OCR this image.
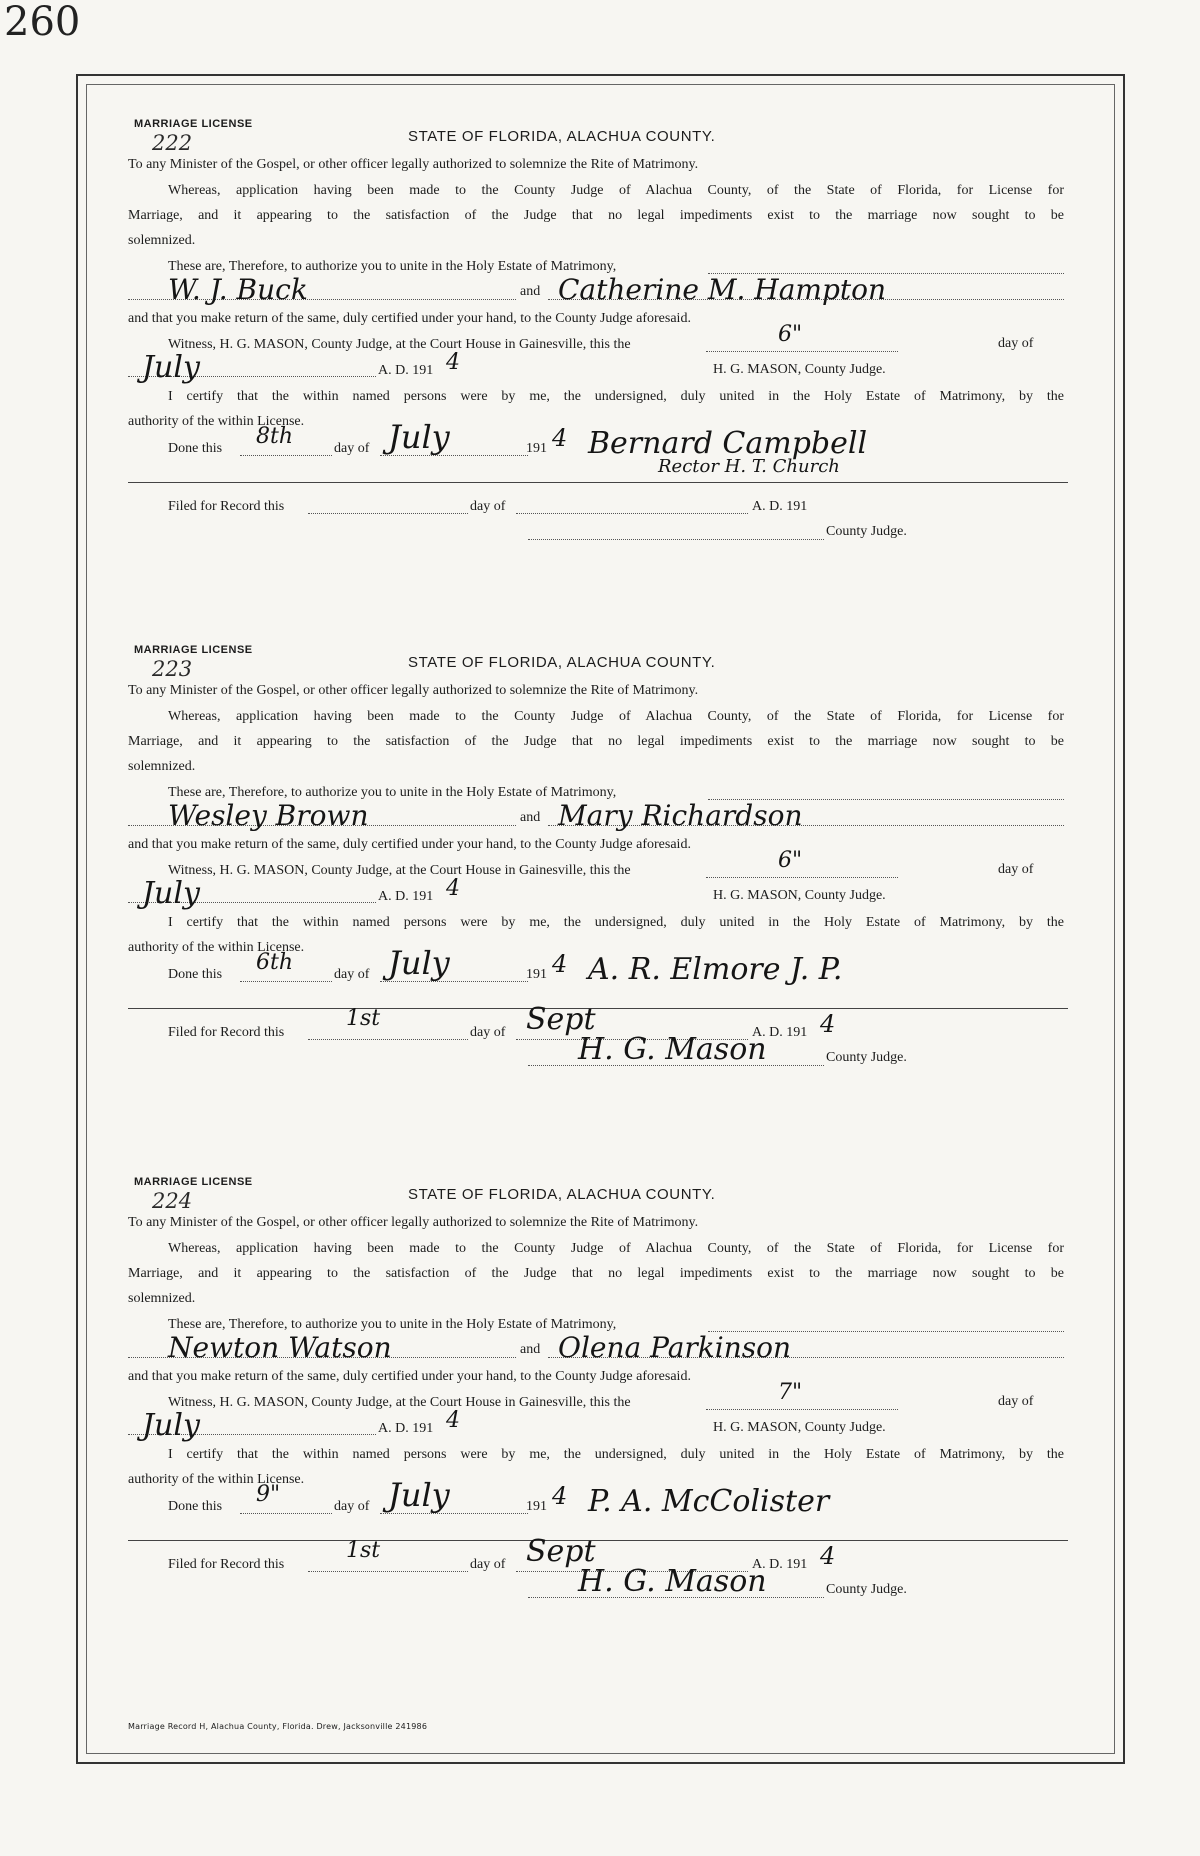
260
MARRIAGE LICENSE
222	STATE OF FLORIDA, ALACHUA COUNTY.
To any Minister of the Gospel, or other officer legally authorized to solemnize the Rite of Matrimony.
Whereas, application having been made to the County Judge of Alachua County, of the State of Florida, for License for
Marriage, and it appearing to the satisfaction of the Judge that no legal impediments exist to the marriage now sought to be
solemnized.
These are, Therefore, to authorize you to unite in the Holy Estate of Matrimony,
W. J. Buck	and Catherine M. Hampton
and that you make return of the same, duly certified under your hand, to the County Judge aforesaid.
Witness, H. G. MASON, County Judge, at the Court House in Gainesville, this the	6"	day of
July	A. D. 191 4	H. G. MASON, County Judge.
I certify that the within named persons were by me, the undersigned, duly united in the Holy Estate of Matrimony, by the
authority of the within License.
Done this 8th	day of July	191 4 Bernard Campbell
Rector H. T. Church
Filed for Record this	day of	A. D. 191
County Judge.
MARRIAGE LICENSE
223	STATE OF FLORIDA, ALACHUA COUNTY.
To any Minister of the Gospel, or other officer legally authorized to solemnize the Rite of Matrimony.
Whereas, application having been made to the County Judge of Alachua County, of the State of Florida, for License for
Marriage, and it appearing to the satisfaction of the Judge that no legal impediments exist to the marriage now sought to be
solemnized.
These are, Therefore, to authorize you to unite in the Holy Estate of Matrimony,
Wesley Brown	and Mary Richardson
and that you make return of the same, duly certified under your hand, to the County Judge aforesaid.
Witness, H. G. MASON, County Judge, at the Court House in Gainesville, this the	6"	day of
July	A. D. 191 4	H. G. MASON, County Judge.
I certify that the within named persons were by me, the undersigned, duly united in the Holy Estate of Matrimony, by the
authority of the within License.
Done this 6th	day of July	191 4 A. R. Elmore J. P.
Filed for Record this
1st
day of Sept	A. D. 191 4
H. G. Mason	County Judge.
MARRIAGE LICENSE
224	STATE OF FLORIDA, ALACHUA COUNTY.
To any Minister of the Gospel, or other officer legally authorized to solemnize the Rite of Matrimony.
Whereas, application having been made to the County Judge of Alachua County, of the State of Florida, for License for
Marriage, and it appearing to the satisfaction of the Judge that no legal impediments exist to the marriage now sought to be
solemnized.
These are, Therefore, to authorize you to unite in the Holy Estate of Matrimony,
Newton Watson	and Olena Parkinson
and that you make return of the same, duly certified under your hand, to the County Judge aforesaid.
Witness, H. G. MASON, County Judge, at the Court House in Gainesville, this the	7"	day of
July	A. D. 191 4	H. G. MASON, County Judge.
I certify that the within named persons were by me, the undersigned, duly united in the Holy Estate of Matrimony, by the
authority of the within License.
Done this 9"	day of July	191 4 P. A. McColister
Filed for Record this
1st
day of Sept	A. D. 191 4
H. G. Mason	County Judge.
Marriage Record H, Alachua County, Florida. Drew, Jacksonville 241986
